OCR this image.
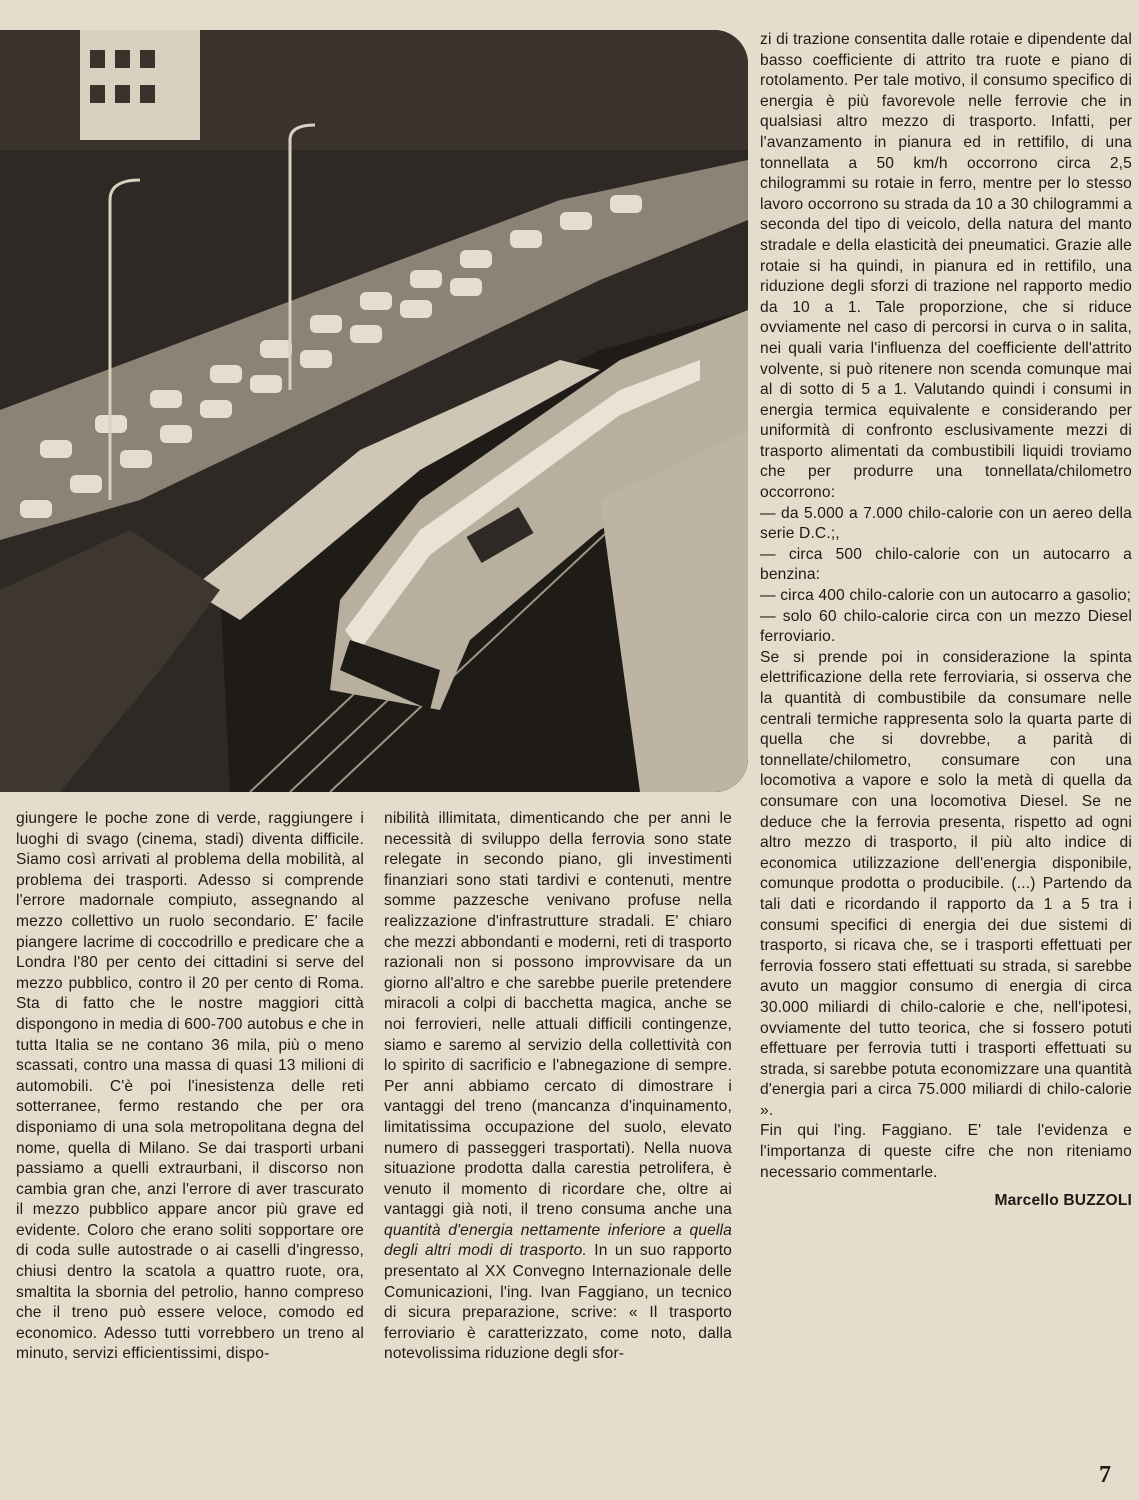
giungere le poche zone di verde, raggiungere i luoghi di svago (cinema, stadi) diventa difficile. Siamo così arrivati al problema della mobilità, al problema dei trasporti. Adesso si comprende l'errore madornale compiuto, assegnando al mezzo collettivo un ruolo secondario. E' facile piangere lacrime di coccodrillo e predicare che a Londra l'80 per cento dei cittadini si serve del mezzo pubblico, contro il 20 per cento di Roma. Sta di fatto che le nostre maggiori città dispongono in media di 600-700 autobus e che in tutta Italia se ne contano 36 mila, più o meno scassati, contro una massa di quasi 13 milioni di automobili. C'è poi l'inesistenza delle reti sotterranee, fermo restando che per ora disponiamo di una sola metropolitana degna del nome, quella di Milano. Se dai trasporti urbani passiamo a quelli extraurbani, il discorso non cambia gran che, anzi l'errore di aver trascurato il mezzo pubblico appare ancor più grave ed evidente. Coloro che erano soliti sopportare ore di coda sulle autostrade o ai caselli d'ingresso, chiusi dentro la scatola a quattro ruote, ora, smaltita la sbornia del petrolio, hanno compreso che il treno può essere veloce, comodo ed economico. Adesso tutti vorrebbero un treno al minuto, servizi efficientissimi, dispo-

nibilità illimitata, dimenticando che per anni le necessità di sviluppo della ferrovia sono state relegate in secondo piano, gli investimenti finanziari sono stati tardivi e contenuti, mentre somme pazzesche venivano profuse nella realizzazione d'infrastrutture stradali. E' chiaro che mezzi abbondanti e moderni, reti di trasporto razionali non si possono improvvisare da un giorno all'altro e che sarebbe puerile pretendere miracoli a colpi di bacchetta magica, anche se noi ferrovieri, nelle attuali difficili contingenze, siamo e saremo al servizio della collettività con lo spirito di sacrificio e l'abnegazione di sempre. Per anni abbiamo cercato di dimostrare i vantaggi del treno (mancanza d'inquinamento, limitatissima occupazione del suolo, elevato numero di passeggeri trasportati). Nella nuova situazione prodotta dalla carestia petrolifera, è venuto il momento di ricordare che, oltre ai vantaggi già noti, il treno consuma anche una quantità d'energia nettamente inferiore a quella degli altri modi di trasporto. In un suo rapporto presentato al XX Convegno Internazionale delle Comunicazioni, l'ing. Ivan Faggiano, un tecnico di sicura preparazione, scrive: « Il trasporto ferroviario è caratterizzato, come noto, dalla notevolissima riduzione degli sfor-

zi di trazione consentita dalle rotaie e dipendente dal basso coefficiente di attrito tra ruote e piano di rotolamento. Per tale motivo, il consumo specifico di energia è più favorevole nelle ferrovie che in qualsiasi altro mezzo di trasporto. Infatti, per l'avanzamento in pianura ed in rettifilo, di una tonnellata a 50 km/h occorrono circa 2,5 chilogrammi su rotaie in ferro, mentre per lo stesso lavoro occorrono su strada da 10 a 30 chilogrammi a seconda del tipo di veicolo, della natura del manto stradale e della elasticità dei pneumatici. Grazie alle rotaie si ha quindi, in pianura ed in rettifilo, una riduzione degli sforzi di trazione nel rapporto medio da 10 a 1. Tale proporzione, che si riduce ovviamente nel caso di percorsi in curva o in salita, nei quali varia l'influenza del coefficiente dell'attrito volvente, si può ritenere non scenda comunque mai al di sotto di 5 a 1. Valutando quindi i consumi in energia termica equivalente e considerando per uniformità di confronto esclusivamente mezzi di trasporto alimentati da combustibili liquidi troviamo che per produrre una tonnellata/chilometro occorrono:

— da 5.000 a 7.000 chilo-calorie con un aereo della serie D.C.;,

— circa 500 chilo-calorie con un autocarro a benzina:

— circa 400 chilo-calorie con un autocarro a gasolio;

— solo 60 chilo-calorie circa con un mezzo Diesel ferroviario.

Se si prende poi in considerazione la spinta elettrificazione della rete ferroviaria, si osserva che la quantità di combustibile da consumare nelle centrali termiche rappresenta solo la quarta parte di quella che si dovrebbe, a parità di tonnellate/chilometro, consumare con una locomotiva a vapore e solo la metà di quella da consumare con una locomotiva Diesel. Se ne deduce che la ferrovia presenta, rispetto ad ogni altro mezzo di trasporto, il più alto indice di economica utilizzazione dell'energia disponibile, comunque prodotta o producibile. (...) Partendo da tali dati e ricordando il rapporto da 1 a 5 tra i consumi specifici di energia dei due sistemi di trasporto, si ricava che, se i trasporti effettuati per ferrovia fossero stati effettuati su strada, si sarebbe avuto un maggior consumo di energia di circa 30.000 miliardi di chilo-calorie e che, nell'ipotesi, ovviamente del tutto teorica, che si fossero potuti effettuare per ferrovia tutti i trasporti effettuati su strada, si sarebbe potuta economizzare una quantità d'energia pari a circa 75.000 miliardi di chilo-calorie ».

Fin qui l'ing. Faggiano. E' tale l'evidenza e l'importanza di queste cifre che non riteniamo necessario commentarle.

Marcello BUZZOLI
7
